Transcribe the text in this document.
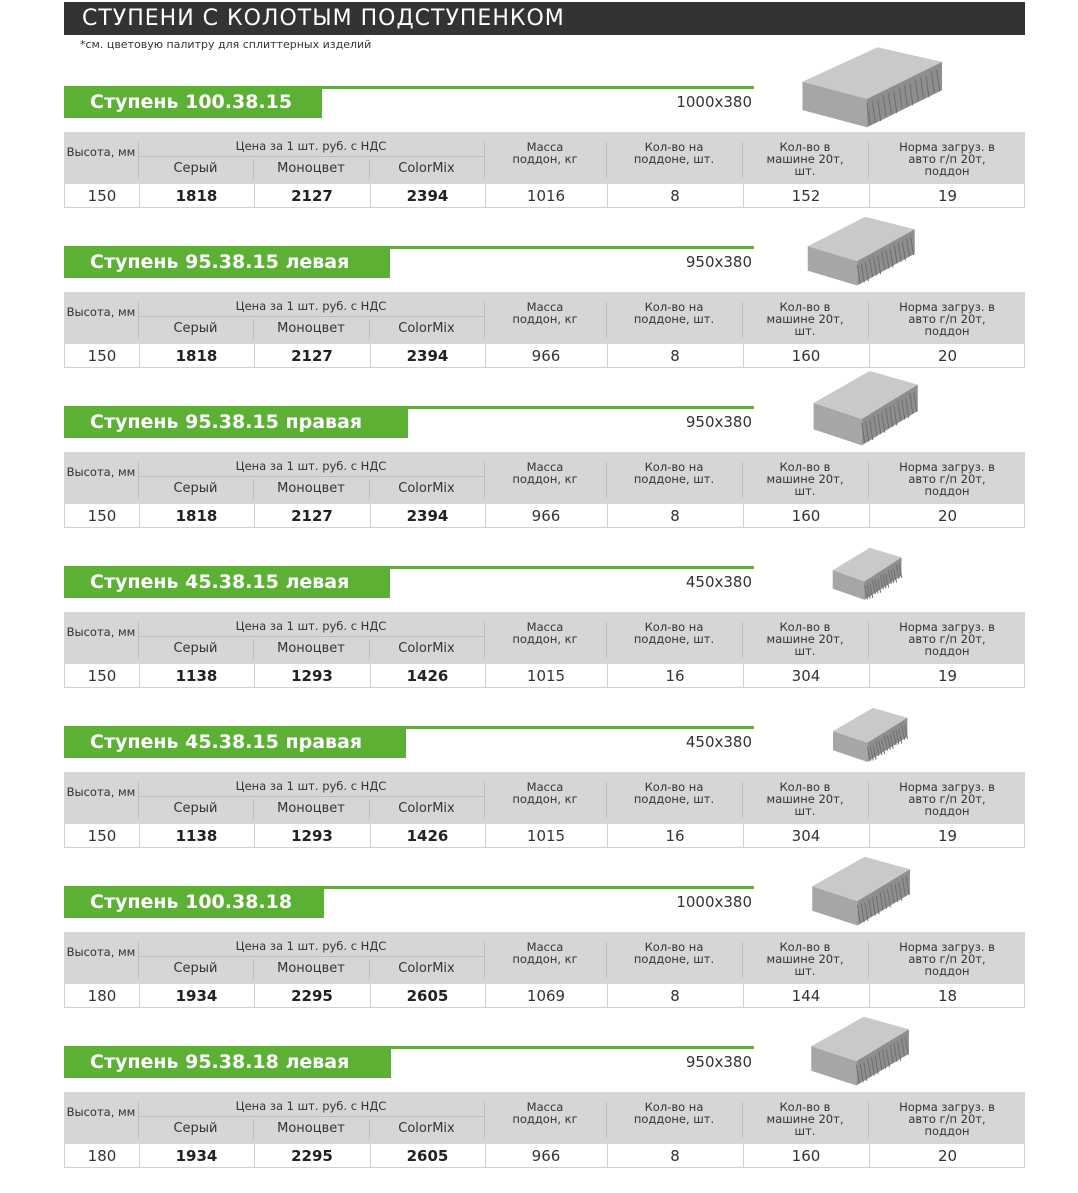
СТУПЕНИ С КОЛОТЫМ ПОДСТУПЕНКОМ
*см. цветовую палитру для сплиттерных изделий
Ступень 100.38.15	1000х380
Высота, мм	Цена за 1 шт. руб. с НДС
Серый	Моноцвет	ColorMix
Масса поддон, кг
Кол-во на поддоне, шт.
Кол-во в машине 20т, шт.
Норма загруз. в авто г/п 20т, поддон
150	1818	2127	2394	1016	8	152	19
Ступень 95.38.15 левая	950х380
Высота, мм	Цена за 1 шт. руб. с НДС
Серый	Моноцвет	ColorMix
Масса поддон, кг
Кол-во на поддоне, шт.
Кол-во в машине 20т, шт.
Норма загруз. в авто г/п 20т, поддон
150	1818	2127	2394	966	8	160	20
Ступень 95.38.15 правая	950х380
Высота, мм	Цена за 1 шт. руб. с НДС
Серый	Моноцвет	ColorMix
Масса поддон, кг
Кол-во на поддоне, шт.
Кол-во в машине 20т, шт.
Норма загруз. в авто г/п 20т, поддон
150	1818	2127	2394	966	8	160	20
Ступень 45.38.15 левая	450х380
Высота, мм	Цена за 1 шт. руб. с НДС
Серый	Моноцвет	ColorMix
Масса поддон, кг
Кол-во на поддоне, шт.
Кол-во в машине 20т, шт.
Норма загруз. в авто г/п 20т, поддон
150	1138	1293	1426	1015	16	304	19
Ступень 45.38.15 правая	450х380
Высота, мм	Цена за 1 шт. руб. с НДС
Серый	Моноцвет	ColorMix
Масса поддон, кг
Кол-во на поддоне, шт.
Кол-во в машине 20т, шт.
Норма загруз. в авто г/п 20т, поддон
150	1138	1293	1426	1015	16	304	19
Ступень 100.38.18	1000х380
Высота, мм	Цена за 1 шт. руб. с НДС
Серый	Моноцвет	ColorMix
Масса поддон, кг
Кол-во на поддоне, шт.
Кол-во в машине 20т, шт.
Норма загруз. в авто г/п 20т, поддон
180	1934	2295	2605	1069	8	144	18
Ступень 95.38.18 левая	950х380
Высота, мм	Цена за 1 шт. руб. с НДС
Серый	Моноцвет	ColorMix
Масса поддон, кг
Кол-во на поддоне, шт.
Кол-во в машине 20т, шт.
Норма загруз. в авто г/п 20т, поддон
180	1934	2295	2605	966	8	160	20
